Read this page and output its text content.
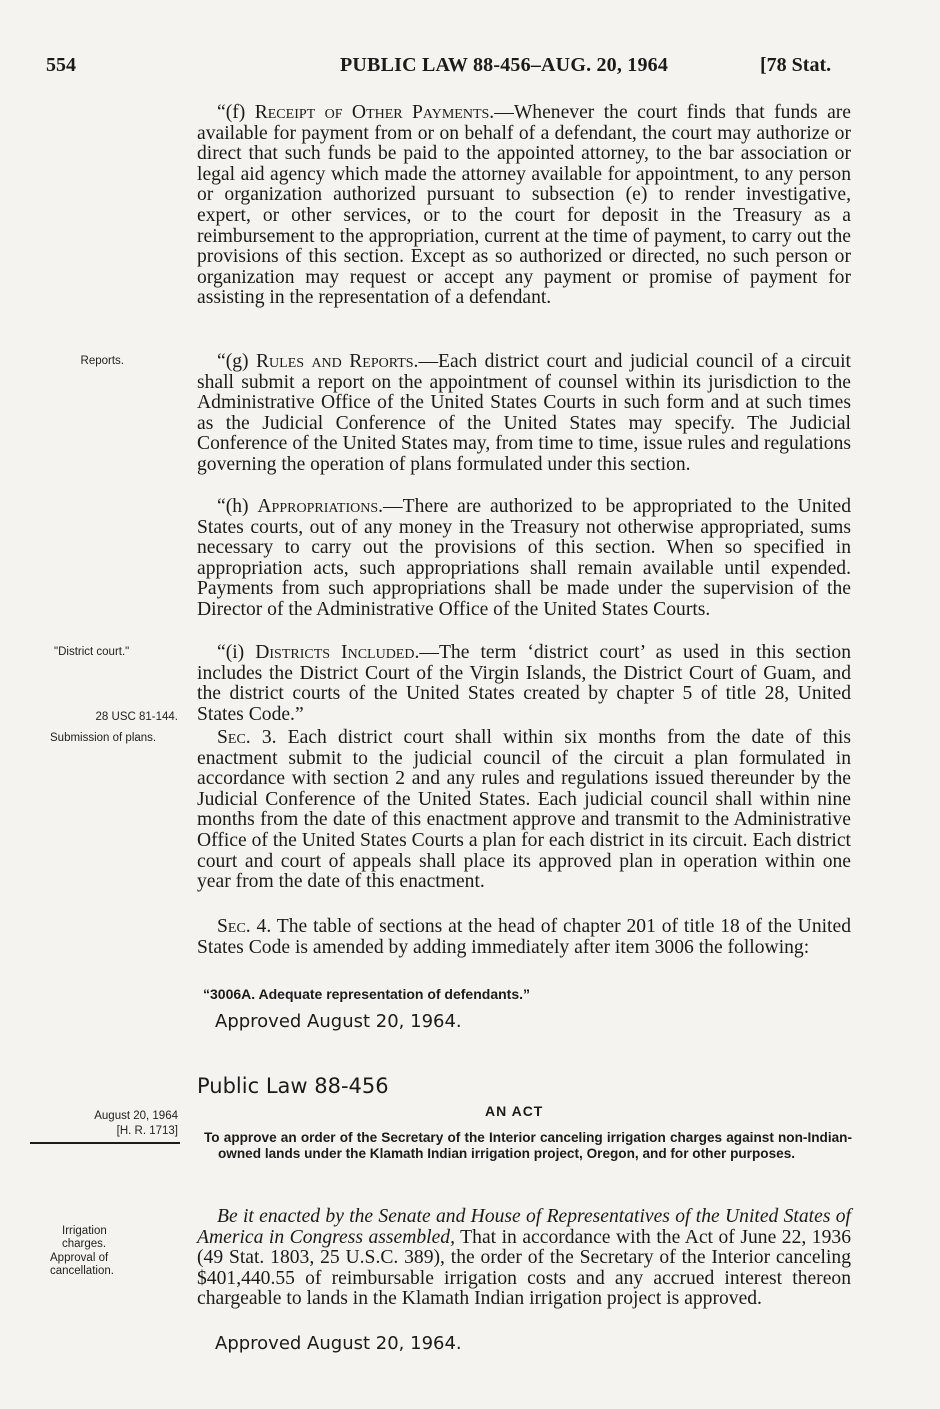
554	PUBLIC LAW 88-456–AUG. 20, 1964	[78 Stat.

“(f) Receipt of Other Payments.—Whenever the court finds that funds are available for payment from or on behalf of a defendant, the court may authorize or direct that such funds be paid to the appointed attorney, to the bar association or legal aid agency which made the attorney available for appointment, to any person or organization authorized pursuant to subsection (e) to render investigative, expert, or other services, or to the court for deposit in the Treasury as a reimbursement to the appropriation, current at the time of payment, to carry out the provisions of this section. Except as so authorized or directed, no such person or organization may request or accept any payment or promise of payment for assisting in the representation of a defendant.

“(g) Rules and Reports.—Each district court and judicial council of a circuit shall submit a report on the appointment of counsel within its jurisdiction to the Administrative Office of the United States Courts in such form and at such times as the Judicial Conference of the United States may specify. The Judicial Conference of the United States may, from time to time, issue rules and regulations governing the operation of plans formulated under this section.

“(h) Appropriations.—There are authorized to be appropriated to the United States courts, out of any money in the Treasury not otherwise appropriated, sums necessary to carry out the provisions of this section. When so specified in appropriation acts, such appropriations shall remain available until expended. Payments from such appropriations shall be made under the supervision of the Director of the Administrative Office of the United States Courts.

“(i) Districts Included.—The term ‘district court’ as used in this section includes the District Court of the Virgin Islands, the District Court of Guam, and the district courts of the United States created by chapter 5 of title 28, United States Code.”

Sec. 3. Each district court shall within six months from the date of this enactment submit to the judicial council of the circuit a plan formulated in accordance with section 2 and any rules and regulations issued thereunder by the Judicial Conference of the United States. Each judicial council shall within nine months from the date of this enactment approve and transmit to the Administrative Office of the United States Courts a plan for each district in its circuit. Each district court and court of appeals shall place its approved plan in operation within one year from the date of this enactment.

Sec. 4. The table of sections at the head of chapter 201 of title 18 of the United States Code is amended by adding immediately after item 3006 the following:

“3006A. Adequate representation of defendants.”

Approved August 20, 1964.

Public Law 88-456
AN ACT

To approve an order of the Secretary of the Interior canceling irrigation charges against non-Indian-owned lands under the Klamath Indian irrigation project, Oregon, and for other purposes.

Be it enacted by the Senate and House of Representatives of the United States of America in Congress assembled, That in accordance with the Act of June 22, 1936 (49 Stat. 1803, 25 U.S.C. 389), the order of the Secretary of the Interior canceling $401,440.55 of reimbursable irrigation costs and any accrued interest thereon chargeable to lands in the Klamath Indian irrigation project is approved.

Approved August 20, 1964.

Reports.
"District court."
28 USC 81-144.
Submission of plans.
August 20, 1964
[H. R. 1713]
Irrigation charges.
Approval of cancellation.
